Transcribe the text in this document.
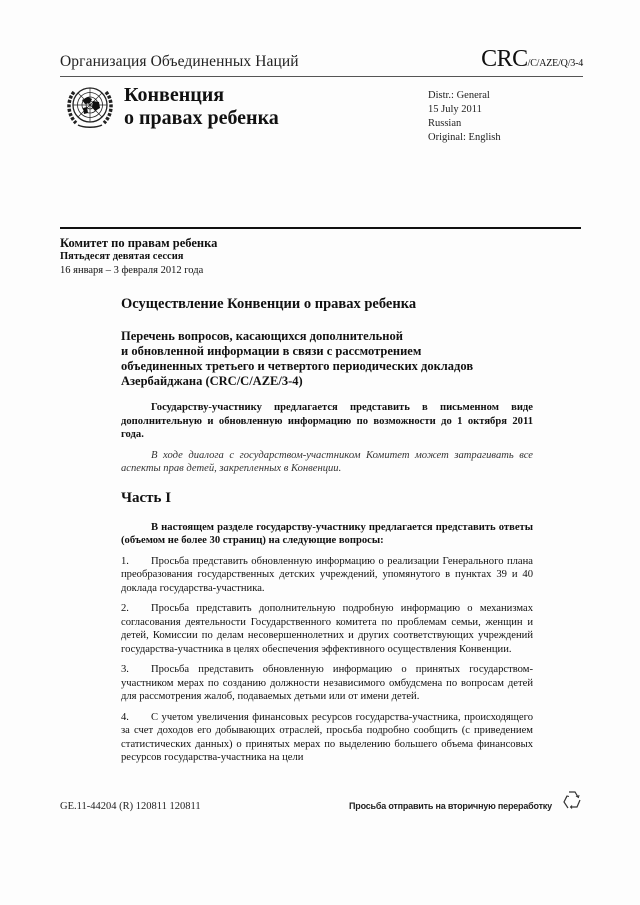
Организация Объединенных Наций	CRC/C/AZE/Q/3-4
Конвенция
о правах ребенка
Distr.: General
15 July 2011
Russian
Original: English
Комитет по правам ребенка
Пятьдесят девятая сессия
16 января – 3 февраля 2012 года
Осуществление Конвенции о правах ребенка
Перечень вопросов, касающихся дополнительной
и обновленной информации в связи с рассмотрением
объединенных третьего и четвертого периодических докладов
Азербайджана (CRC/C/AZE/3-4)

Государству-участнику предлагается представить в письменном виде дополнительную и обновленную информацию по возможности до 1 октября 2011 года.

В ходе диалога с государством-участником Комитет может затрагивать все аспекты прав детей, закрепленных в Конвенции.

Часть I

В настоящем разделе государству-участнику предлагается представить ответы (объемом не более 30 страниц) на следующие вопросы:

1. Просьба представить обновленную информацию о реализации Генерального плана преобразования государственных детских учреждений, упомянутого в пунктах 39 и 40 доклада государства-участника.

2. Просьба представить дополнительную подробную информацию о механизмах согласования деятельности Государственного комитета по проблемам семьи, женщин и детей, Комиссии по делам несовершеннолетних и других соответствующих учреждений государства-участника в целях обеспечения эффективного осуществления Конвенции.

3. Просьба представить обновленную информацию о принятых государством-участником мерах по созданию должности независимого омбудсмена по вопросам детей для рассмотрения жалоб, подаваемых детьми или от имени детей.

4. С учетом увеличения финансовых ресурсов государства-участника, происходящего за счет доходов его добывающих отраслей, просьба подробно сообщить (с приведением статистических данных) о принятых мерах по выделению большего объема финансовых ресурсов государства-участника на цели

GE.11-44204 (R) 120811 120811	Просьба отправить на вторичную переработку
